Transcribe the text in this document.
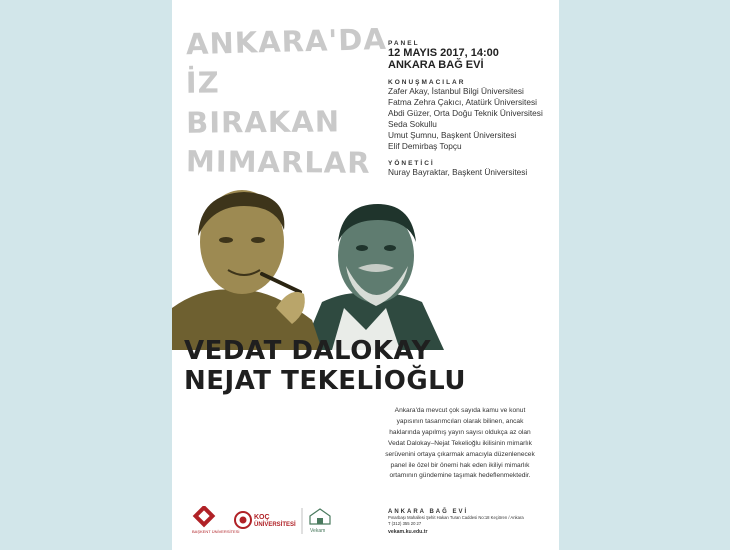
ANKARA'DA
İZ BIRAKAN
MIMARLAR
PANEL
12 MAYIS 2017, 14:00
ANKARA BAĞ EVİ
KONUŞMACILAR
Zafer Akay, İstanbul Bilgi Üniversitesi
Fatma Zehra Çakıcı, Atatürk Üniversitesi
Abdi Güzer, Orta Doğu Teknik Üniversitesi
Seda Sokullu
Umut Şumnu, Başkent Üniversitesi
Elif Demirbaş Topçu
YÖNETİCİ
Nuray Bayraktar, Başkent Üniversitesi
VEDAT DALOKAY
NEJAT TEKELİOĞLU
Ankara'da mevcut çok sayıda kamu ve konut
yapısının tasarımcıları olarak bilinen, ancak
haklarında yapılmış yayın sayısı oldukça az olan
Vedat Dalokay–Nejat Tekelioğlu ikilisinin mimarlık
serüvenini ortaya çıkarmak amacıyla düzenlenecek
panel ile özel bir önemi hak eden ikiliyi mimarlık
ortamının gündemine taşımak hedeflenmektedir.
BAŞKENT ÜNİVERSİTESİ
KOÇ
ÜNİVERSİTESİ
Vekam
ANKARA BAĞ EVİ
Pınarbaşı Mahallesi Şehit Hakan Turan Caddesi No:18 Keçiören / Ankara
T (312) 355 20 27
vekam.ku.edu.tr
